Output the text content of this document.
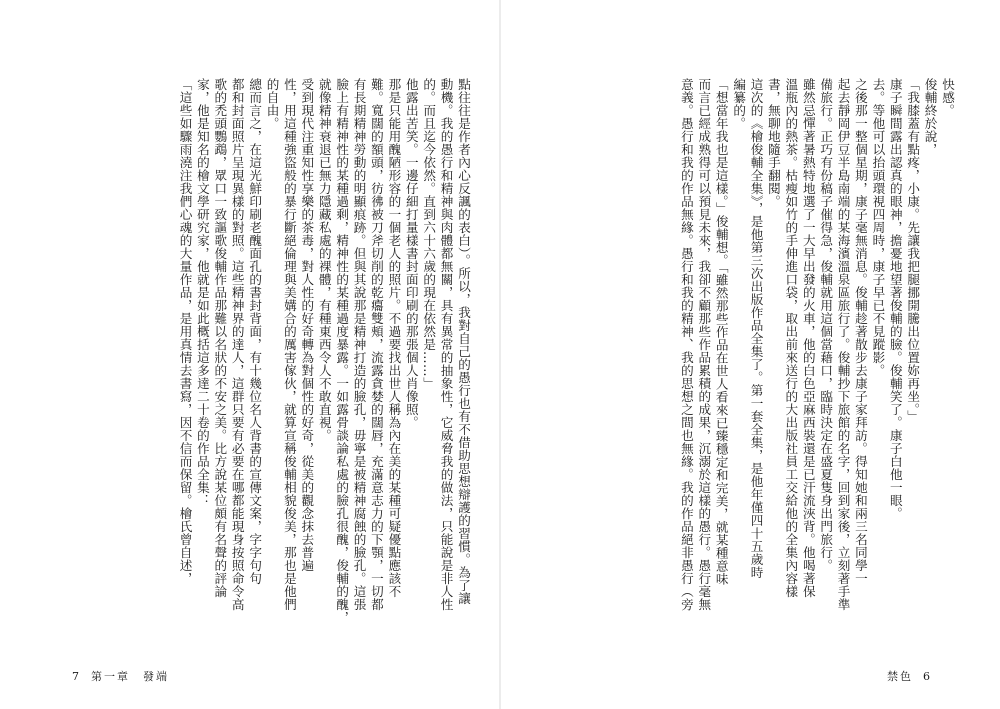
點往往是作者內心反諷的表白）。所以，我對自己的愚行也有不借助思想辯護的習慣。為了讓
動機。我的愚行和精神與肉體都無關，具有異常的抽象性，它威脅我的做法，只能說是非人性
的。而且迄今依然。直到六十六歲的現在依然是……」
他露出苦笑。一邊仔細打量樣書封面印刷的那張個人肖像照。
那是只能用醜陋形容的一個老人的照片。不過要找出世人稱為內在美的某種可疑優點應該不
難。寬闊的額頭，彷彿被刀斧切削的乾癟雙頰，流露貪婪的闊唇，充滿意志力的下顎，一切都
有長期精神勞動的明顯痕跡。但與其說那是精神打造的臉孔，毋寧是被精神腐蝕的臉孔。這張
臉上有精神性的某種過剩，精神性的某種過度暴露。一如露骨談論私處的臉孔很醜，俊輔的醜，
就像精神衰退已無力隱藏私處的裸體，有種東西令人不敢直視。
受到現代注重知性享樂的茶毒，對人性的好奇轉為對個性的好奇，從美的觀念抹去普遍
性，用這種強盜般的暴行斷絕倫理與美媾合的厲害傢伙，就算宣稱俊輔相貌俊美，那也是他們
的自由。
總而言之，在這光鮮印刷老醜面孔的書封背面，有十幾位名人背書的宣傳文案，字字句句
都和封面照片呈現異樣的對照。這些精神界的達人，這群只要有必要在哪都能現身按照命令高
歌的禿頭鸚鵡，眾口一致謳歌俊輔作品那難以名狀的不安之美。比方說某位頗有名聲的評論
家，他是知名的檜文學研究家，他就是如此概括這多達二十卷的作品全集：
「這些如驟雨澆注我們心魂的大量作品，是用真情去書寫，因不信而保留。檜氏曾自述，
7 第一章　發端
快感。
俊輔終於說，
「我膝蓋有點疼，小康。先讓我把腿挪開騰出位置妳再坐。」
康子瞬間露出認真的眼神，擔憂地望著俊輔的臉。俊輔笑了。康子白他一眼。
去。等他可以抬頭環視四周時，康子早已不見蹤影。
之後那一整個星期，康子毫無消息。俊輔趁著散步去康子家拜訪。得知她和兩三名同學一
起去靜岡伊豆半島南端的某海濱溫泉區旅行了。俊輔抄下旅館的名字，回到家後，立刻著手準
備旅行。正巧有份稿子催得急，俊輔就用這個當藉口，臨時決定在盛夏隻身出門旅行。
雖然忌憚著暑熱特地選了一大早出發的火車，他的白色亞麻西裝還是已汗流浹背。他喝著保
溫瓶內的熱茶。枯瘦如竹的手伸進口袋，取出前來送行的大出版社員工交給他的全集內容樣
書，無聊地隨手翻閱。
這次的《檜俊輔全集》，是他第三次出版作品全集了。第一套全集，是他年僅四十五歲時
編纂的。
「想當年我也是這樣。」俊輔想。「雖然那些作品在世人看來已臻穩定和完美，就某種意味
而言已經成熟得可以預見未來，我卻不顧那些作品累積的成果，沉溺於這樣的愚行。愚行毫無
意義。愚行和我的作品無緣。愚行和我的精神、我的思想之間也無緣。我的作品絕非愚行（旁
禁色 6
